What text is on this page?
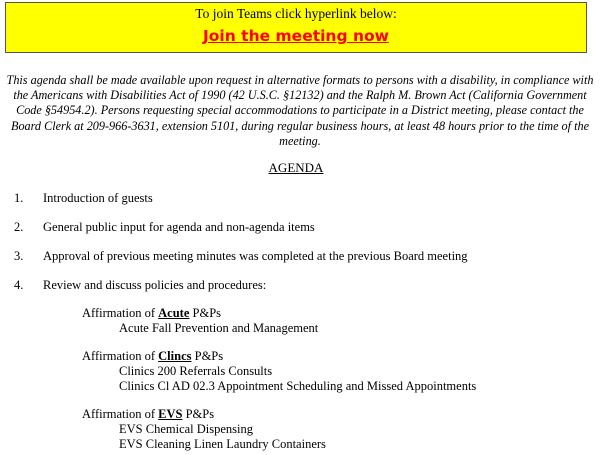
To join Teams click hyperlink below:
Join the meeting now
This agenda shall be made available upon request in alternative formats to persons with a disability, in compliance with the Americans with Disabilities Act of 1990 (42 U.S.C. §12132) and the Ralph M. Brown Act (California Government Code §54954.2). Persons requesting special accommodations to participate in a District meeting, please contact the Board Clerk at 209-966-3631, extension 5101, during regular business hours, at least 48 hours prior to the time of the meeting.
AGENDA
1.	Introduction of guests
2.	General public input for agenda and non-agenda items
3.	Approval of previous meeting minutes was completed at the previous Board meeting
4.	Review and discuss policies and procedures:
Affirmation of Acute P&Ps
Acute Fall Prevention and Management
Affirmation of Clincs P&Ps
Clinics 200 Referrals Consults
Clinics Cl AD 02.3 Appointment Scheduling and Missed Appointments
Affirmation of EVS P&Ps
EVS Chemical Dispensing
EVS Cleaning Linen Laundry Containers
